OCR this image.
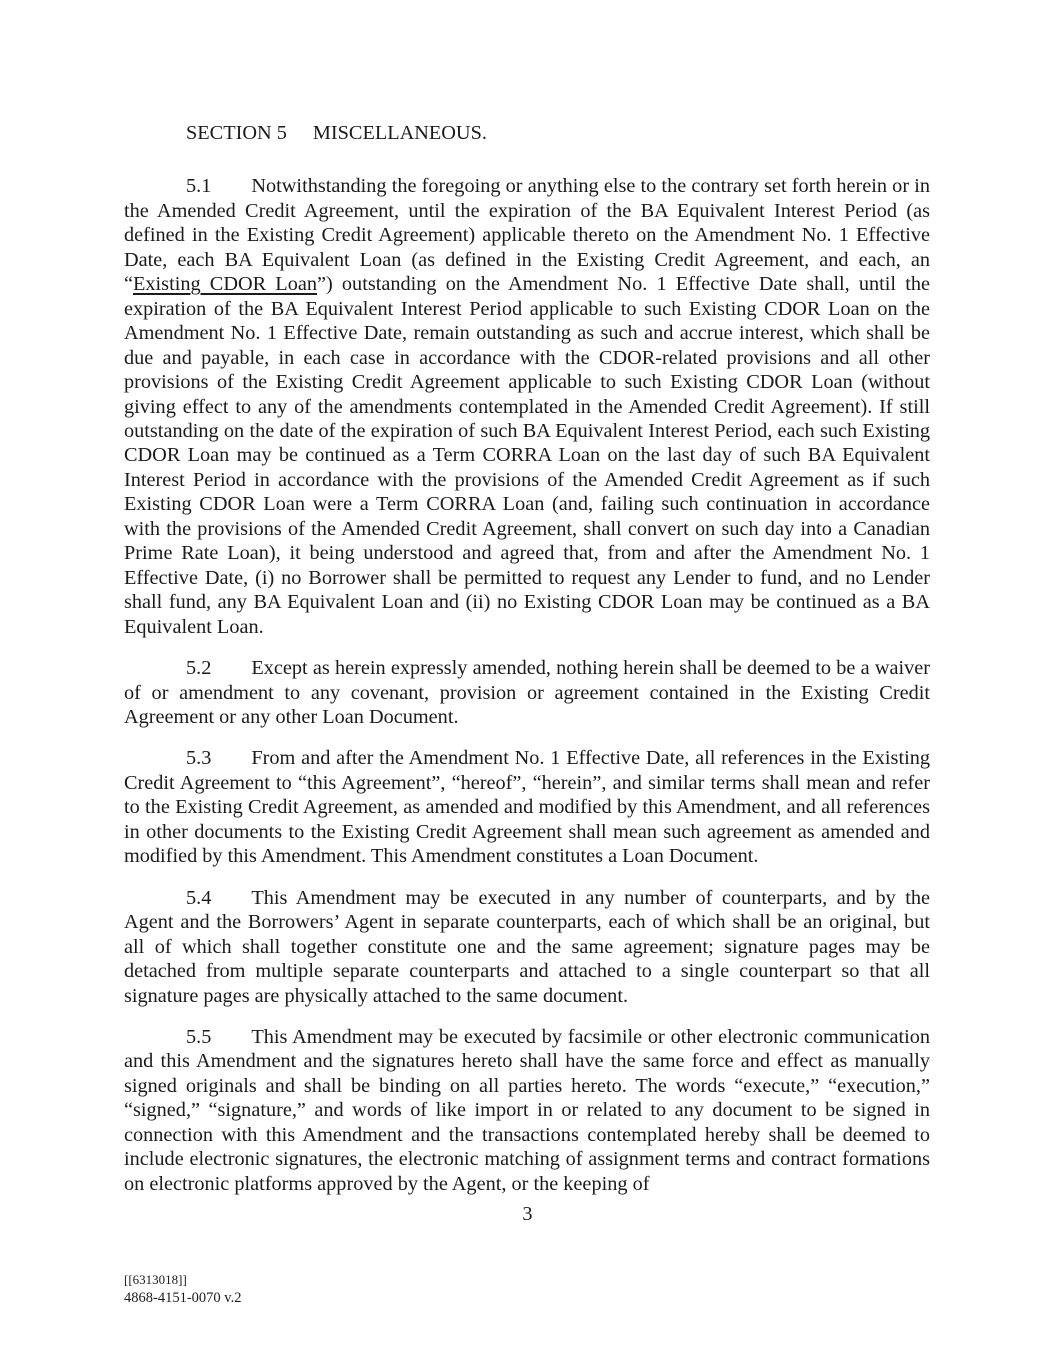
SECTION 5 MISCELLANEOUS.

5.1 Notwithstanding the foregoing or anything else to the contrary set forth herein or in the Amended Credit Agreement, until the expiration of the BA Equivalent Interest Period (as defined in the Existing Credit Agreement) applicable thereto on the Amendment No. 1 Effective Date, each BA Equivalent Loan (as defined in the Existing Credit Agreement, and each, an “Existing CDOR Loan”) outstanding on the Amendment No. 1 Effective Date shall, until the expiration of the BA Equivalent Interest Period applicable to such Existing CDOR Loan on the Amendment No. 1 Effective Date, remain outstanding as such and accrue interest, which shall be due and payable, in each case in accordance with the CDOR-related provisions and all other provisions of the Existing Credit Agreement applicable to such Existing CDOR Loan (without giving effect to any of the amendments contemplated in the Amended Credit Agreement). If still outstanding on the date of the expiration of such BA Equivalent Interest Period, each such Existing CDOR Loan may be continued as a Term CORRA Loan on the last day of such BA Equivalent Interest Period in accordance with the provisions of the Amended Credit Agreement as if such Existing CDOR Loan were a Term CORRA Loan (and, failing such continuation in accordance with the provisions of the Amended Credit Agreement, shall convert on such day into a Canadian Prime Rate Loan), it being understood and agreed that, from and after the Amendment No. 1 Effective Date, (i) no Borrower shall be permitted to request any Lender to fund, and no Lender shall fund, any BA Equivalent Loan and (ii) no Existing CDOR Loan may be continued as a BA Equivalent Loan.

5.2 Except as herein expressly amended, nothing herein shall be deemed to be a waiver of or amendment to any covenant, provision or agreement contained in the Existing Credit Agreement or any other Loan Document.

5.3 From and after the Amendment No. 1 Effective Date, all references in the Existing Credit Agreement to “this Agreement”, “hereof”, “herein”, and similar terms shall mean and refer to the Existing Credit Agreement, as amended and modified by this Amendment, and all references in other documents to the Existing Credit Agreement shall mean such agreement as amended and modified by this Amendment. This Amendment constitutes a Loan Document.

5.4 This Amendment may be executed in any number of counterparts, and by the Agent and the Borrowers’ Agent in separate counterparts, each of which shall be an original, but all of which shall together constitute one and the same agreement; signature pages may be detached from multiple separate counterparts and attached to a single counterpart so that all signature pages are physically attached to the same document.

5.5 This Amendment may be executed by facsimile or other electronic communication and this Amendment and the signatures hereto shall have the same force and effect as manually signed originals and shall be binding on all parties hereto. The words “execute,” “execution,” “signed,” “signature,” and words of like import in or related to any document to be signed in connection with this Amendment and the transactions contemplated hereby shall be deemed to include electronic signatures, the electronic matching of assignment terms and contract formations on electronic platforms approved by the Agent, or the keeping of

3
[[6313018]]
4868-4151-0070 v.2
